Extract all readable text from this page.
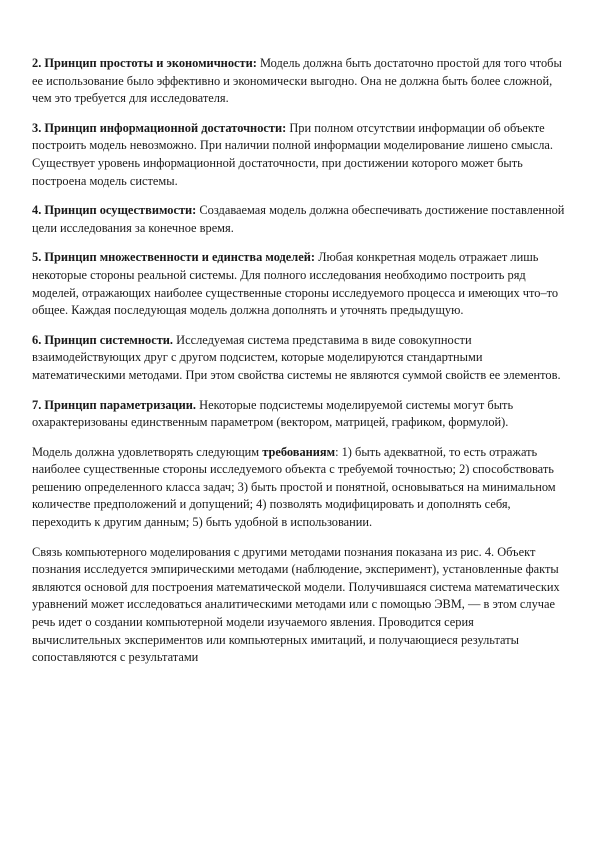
2. Принцип простоты и экономичности: Модель должна быть достаточно простой для того чтобы ее использование было эффективно и экономически выгодно. Она не должна быть более сложной, чем это требуется для исследователя.

3. Принцип информационной достаточности: При полном отсутствии информации об объекте построить модель невозможно. При наличии полной информации моделирование лишено смысла. Существует уровень информационной достаточности, при достижении которого может быть построена модель системы.

4. Принцип осуществимости: Создаваемая модель должна обеспечивать достижение поставленной цели исследования за конечное время.

5. Принцип множественности и единства моделей: Любая конкретная модель отражает лишь некоторые стороны реальной системы. Для полного исследования необходимо построить ряд моделей, отражающих наиболее существенные стороны исследуемого процесса и имеющих что–то общее. Каждая последующая модель должна дополнять и уточнять предыдущую.

6. Принцип системности. Исследуемая система представима в виде совокупности взаимодействующих друг с другом подсистем, которые моделируются стандартными математическими методами. При этом свойства системы не являются суммой свойств ее элементов.

7. Принцип параметризации. Некоторые подсистемы моделируемой системы могут быть охарактеризованы единственным параметром (вектором, матрицей, графиком, формулой).

Модель должна удовлетворять следующим требованиям: 1) быть адекватной, то есть отражать наиболее существенные стороны исследуемого объекта с требуемой точностью; 2) способствовать решению определенного класса задач; 3) быть простой и понятной, основываться на минимальном количестве предположений и допущений; 4) позволять модифицировать и дополнять себя, переходить к другим данным; 5) быть удобной в использовании.

Связь компьютерного моделирования с другими методами познания показана из рис. 4. Объект познания исследуется эмпирическими методами (наблюдение, эксперимент), установленные факты являются основой для построения математической модели. Получившаяся система математических уравнений может исследоваться аналитическими методами или с помощью ЭВМ, — в этом случае речь идет о создании компьютерной модели изучаемого явления. Проводится серия вычислительных экспериментов или компьютерных имитаций, и получающиеся результаты сопоставляются с результатами
